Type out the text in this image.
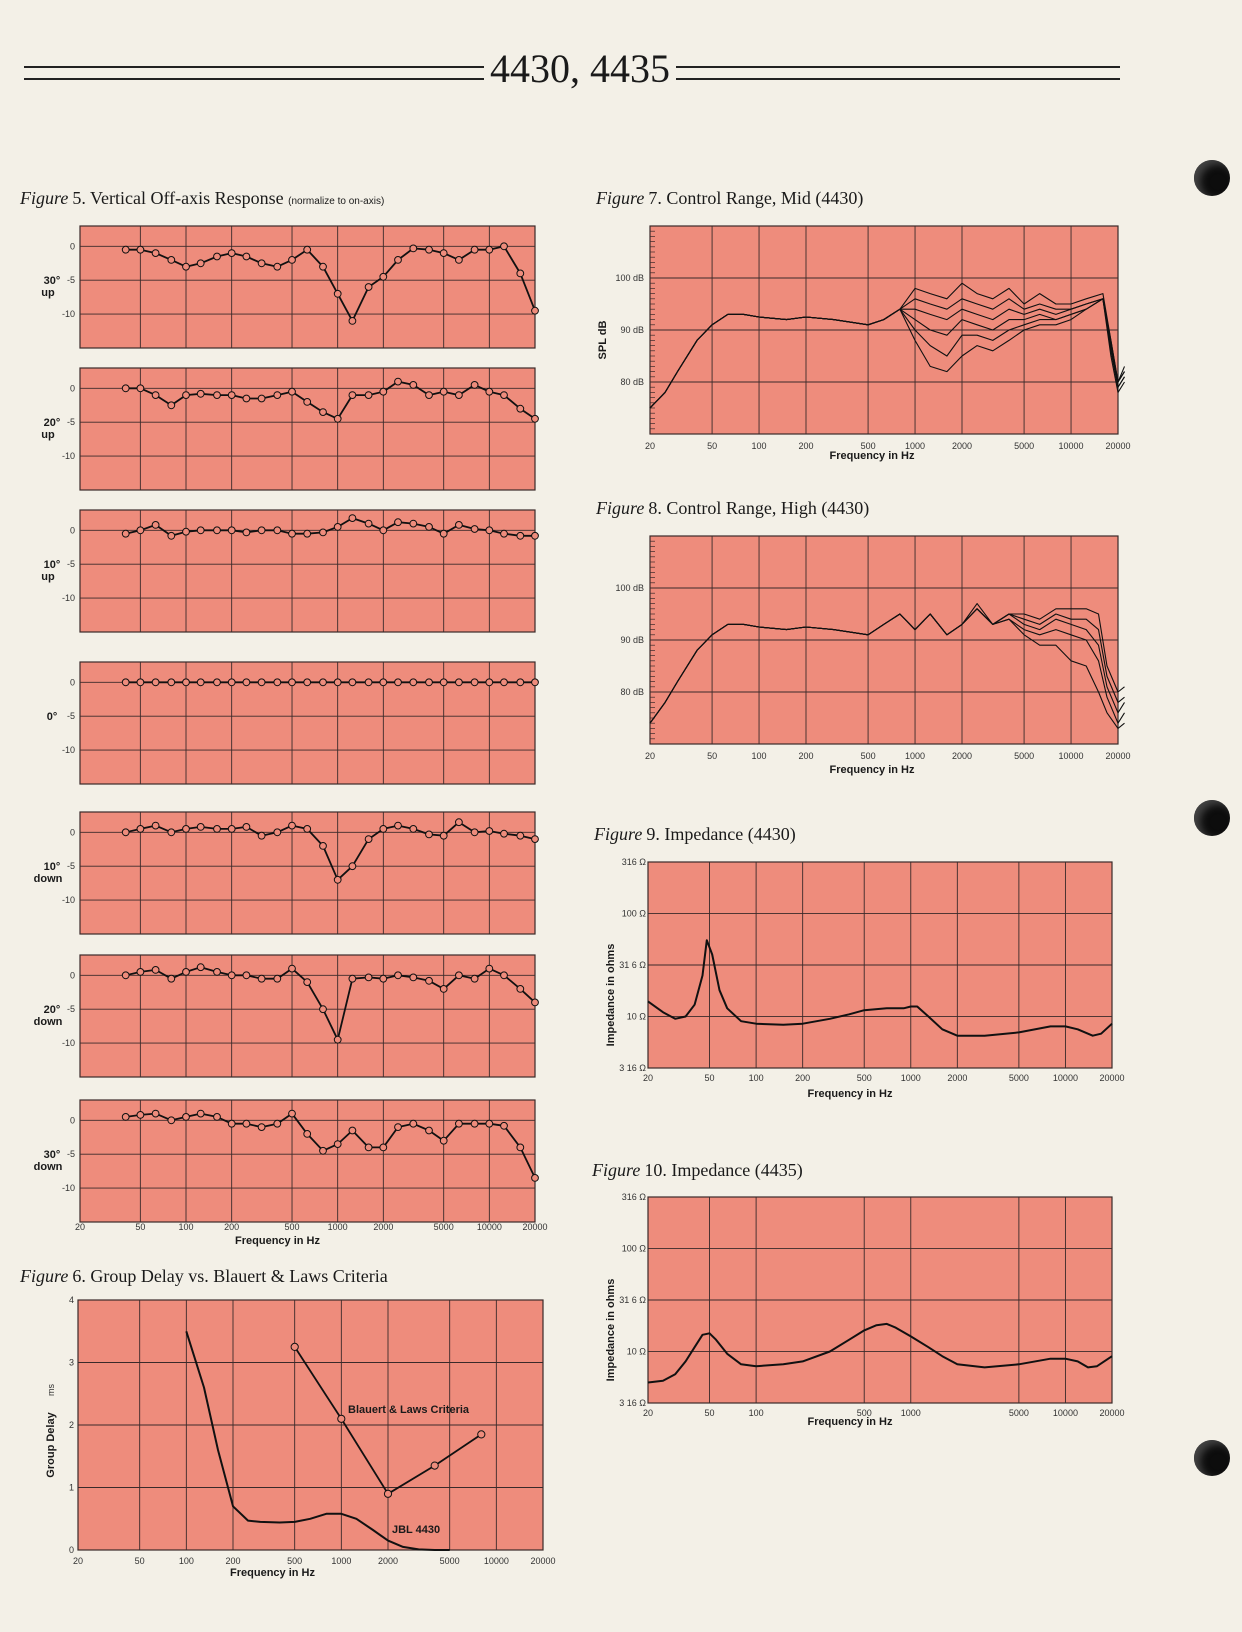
4430, 4435
Figure 5. Vertical Off-axis Response (normalize to on-axis)
Figure 6. Group Delay vs. Blauert & Laws Criteria
Figure 7. Control Range, Mid (4430)
Figure 8. Control Range, High (4430)
Figure 9. Impedance (4430)
Figure 10. Impedance (4435)
0
-5
-10
30°
up
0
-5
-10
20°
up
0
-5
-10
10°
up
0
-5
-10
0°
0
-5
-10
10°
down
0
-5
-10
20°
down
0
-5
-10
30°
down
20	50	100	200	500	1000	2000	5000	10000 20000
Frequency in Hz
0
1
2
3
4
Group Delay
ms
Blauert & Laws Criteria
JBL 4430
20	50	100	200	500	1000	2000	5000	10000 20000
Frequency in Hz
80 dB
90 dB
100 dB
SPL dB
20	50	100	200	500	1000	2000	5000	10000 20000
Frequency in Hz
80 dB
90 dB
100 dB
20	50	100	200	500	1000	2000	5000	10000 20000
Frequency in Hz
3 16 Ω
10 Ω
31 6 Ω
100 Ω
316 Ω
Impedance in ohms
20	50	100	200	500	1000	2000	5000	10000 20000
Frequency in Hz
3 16 Ω
10 Ω
31 6 Ω
100 Ω
316 Ω
Impedance in ohms
20	50	100	500	1000	5000	10000 20000
Frequency in Hz
